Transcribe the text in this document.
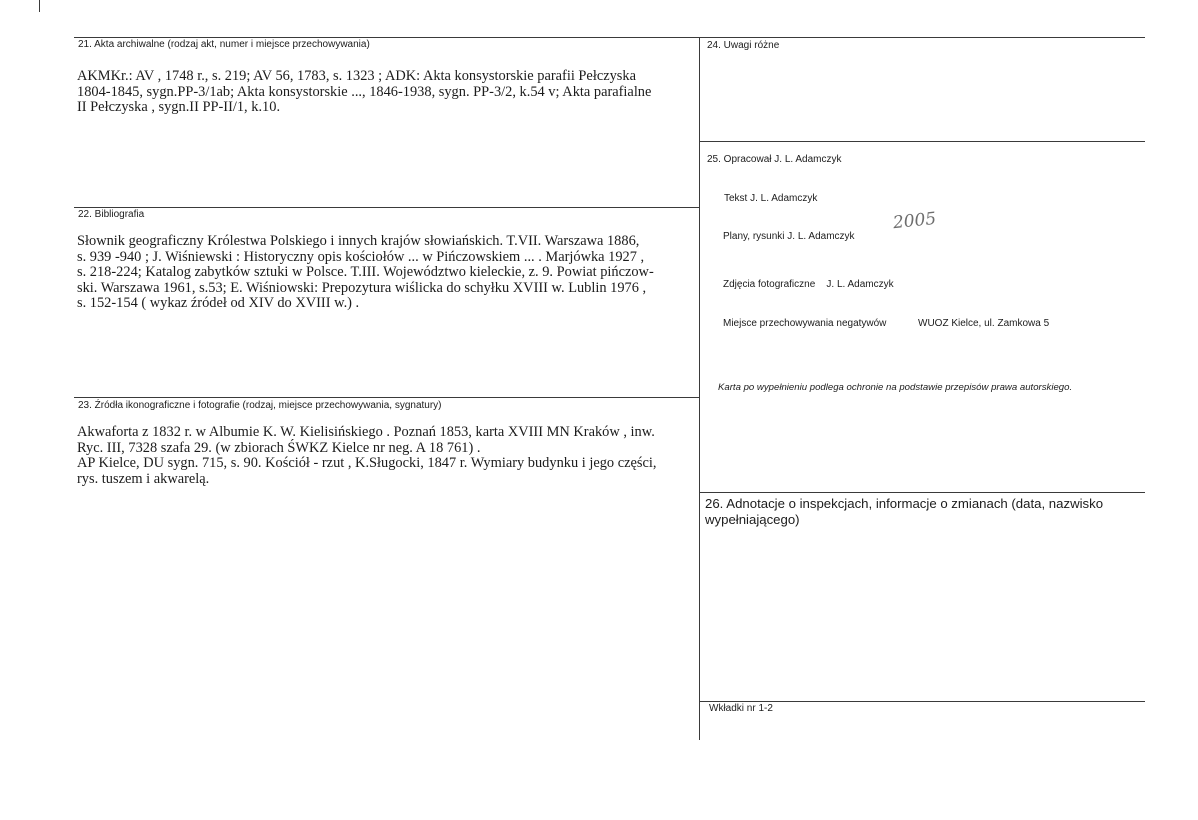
21. Akta archiwalne (rodzaj akt, numer i miejsce przechowywania)
AKMKr.: AV , 1748 r., s. 219; AV 56, 1783, s. 1323 ; ADK: Akta konsystorskie parafii Pełczyska
1804-1845, sygn.PP-3/1ab; Akta konsystorskie ..., 1846-1938, sygn. PP-3/2, k.54 v; Akta parafialne
II Pełczyska , sygn.II PP-II/1, k.10.
22. Bibliografia
Słownik geograficzny Królestwa Polskiego i innych krajów słowiańskich. T.VII. Warszawa 1886,
s. 939 -940 ; J. Wiśniewski : Historyczny opis kościołów ... w Pińczowskiem ... . Marjówka 1927 ,
s. 218-224; Katalog zabytków sztuki w Polsce. T.III. Województwo kieleckie, z. 9. Powiat pińczow-
ski. Warszawa 1961, s.53; E. Wiśniowski: Prepozytura wiślicka do schyłku XVIII w. Lublin 1976 ,
s. 152-154 ( wykaz źródeł od XIV do XVIII w.) .
23. Źródła ikonograficzne i fotografie (rodzaj, miejsce przechowywania, sygnatury)
Akwaforta z 1832 r. w Albumie K. W. Kielisińskiego . Poznań 1853, karta XVIII MN Kraków , inw.
Ryc. III, 7328 szafa 29. (w zbiorach ŚWKZ Kielce nr neg. A 18 761) .
AP Kielce, DU sygn. 715, s. 90. Kościół - rzut , K.Sługocki, 1847 r. Wymiary budynku i jego części,
rys. tuszem i akwarelą.
24. Uwagi różne
25. Opracował J. L. Adamczyk
Tekst J. L. Adamczyk
Plany, rysunki J. L. Adamczyk
2005
Zdjęcia fotograficzne    J. L. Adamczyk
Miejsce przechowywania negatywów	WUOZ Kielce, ul. Zamkowa 5
Karta po wypełnieniu podlega ochronie na podstawie przepisów prawa autorskiego.
26. Adnotacje o inspekcjach, informacje o zmianach (data, nazwisko
wypełniającego)
Wkładki nr 1-2
